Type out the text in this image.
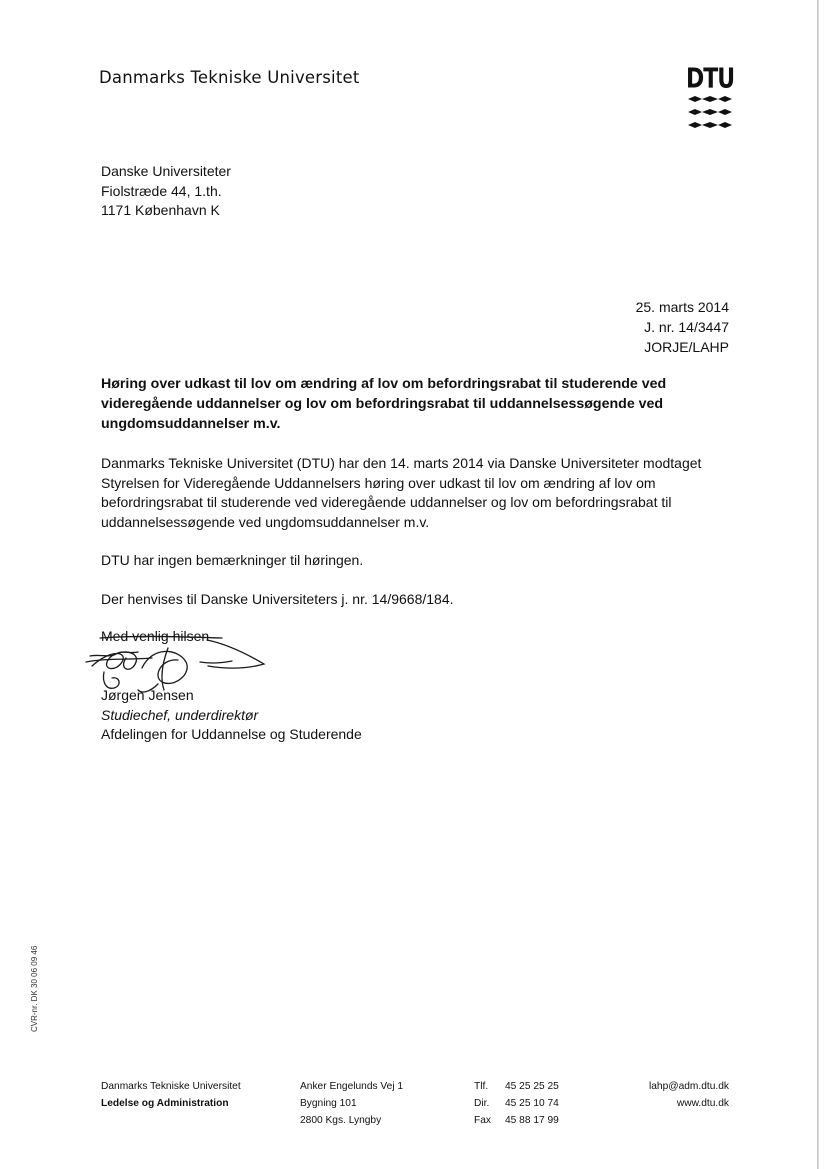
Danmarks Tekniske Universitet	DTU
Danske Universiteter
Fiolstræde 44, 1.th.
1171 København K
25. marts 2014
J. nr. 14/3447
JORJE/LAHP
Høring over udkast til lov om ændring af lov om befordringsrabat til studerende ved videregående uddannelser og lov om befordringsrabat til uddannelsessøgende ved ungdomsuddannelser m.v.
Danmarks Tekniske Universitet (DTU) har den 14. marts 2014 via Danske Universiteter modtaget Styrelsen for Videregående Uddannelsers høring over udkast til lov om ændring af lov om befordringsrabat til studerende ved videregående uddannelser og lov om befordringsrabat til uddannelsessøgende ved ungdomsuddannelser m.v.
DTU har ingen bemærkninger til høringen.
Der henvises til Danske Universiteters j. nr. 14/9668/184.
Med venlig hilsen
Jørgen Jensen
Studiechef, underdirektør
Afdelingen for Uddannelse og Studerende
CVR-nr. DK 30 06 09 46
Danmarks Tekniske Universitet
Ledelse og Administration
Anker Engelunds Vej 1
Bygning 101
2800 Kgs. Lyngby
Tlf. 45 25 25 25
Dir. 45 25 10 74
Fax 45 88 17 99
lahp@adm.dtu.dk
www.dtu.dk
